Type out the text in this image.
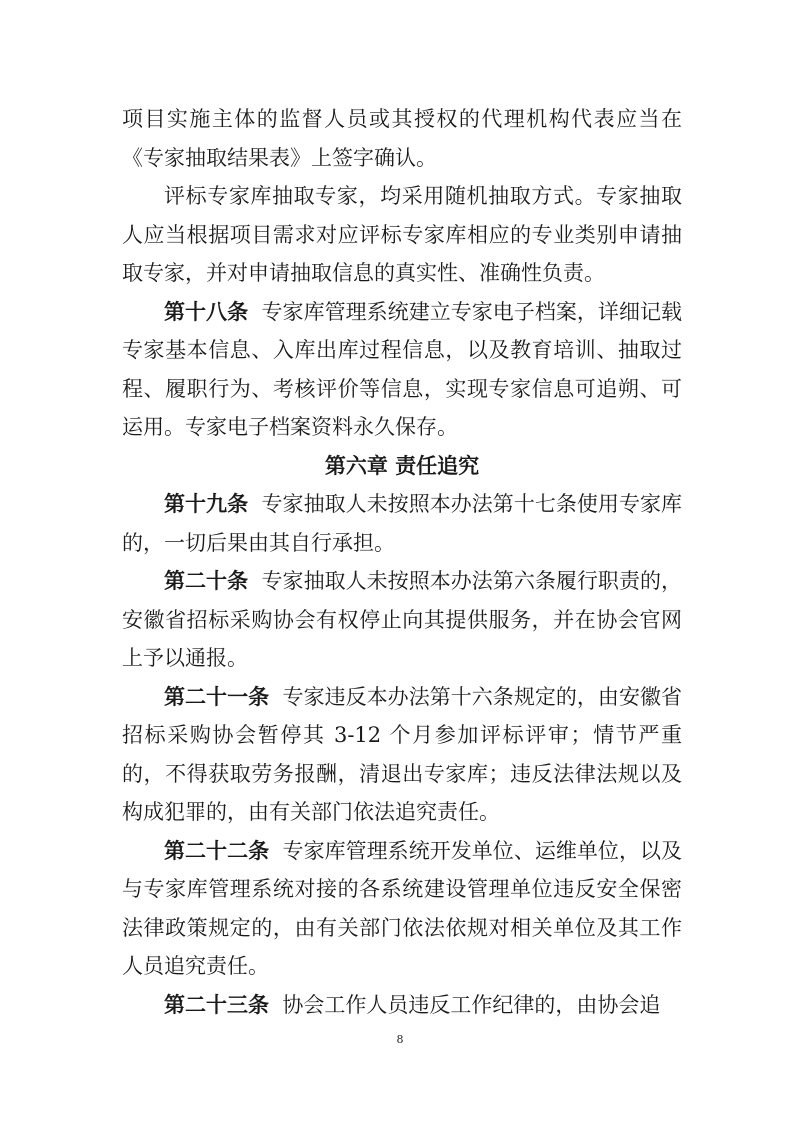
项目实施主体的监督人员或其授权的代理机构代表应当在《专家抽取结果表》上签字确认。

评标专家库抽取专家，均采用随机抽取方式。专家抽取人应当根据项目需求对应评标专家库相应的专业类别申请抽取专家，并对申请抽取信息的真实性、准确性负责。

第十八条 专家库管理系统建立专家电子档案，详细记载专家基本信息、入库出库过程信息，以及教育培训、抽取过程、履职行为、考核评价等信息，实现专家信息可追朔、可运用。专家电子档案资料永久保存。

第六章 责任追究

第十九条 专家抽取人未按照本办法第十七条使用专家库的，一切后果由其自行承担。

第二十条 专家抽取人未按照本办法第六条履行职责的，安徽省招标采购协会有权停止向其提供服务，并在协会官网上予以通报。

第二十一条 专家违反本办法第十六条规定的，由安徽省招标采购协会暂停其 3-12 个月参加评标评审；情节严重的，不得获取劳务报酬，清退出专家库；违反法律法规以及构成犯罪的，由有关部门依法追究责任。

第二十二条 专家库管理系统开发单位、运维单位，以及与专家库管理系统对接的各系统建设管理单位违反安全保密法律政策规定的，由有关部门依法依规对相关单位及其工作人员追究责任。

第二十三条 协会工作人员违反工作纪律的，由协会追

8
